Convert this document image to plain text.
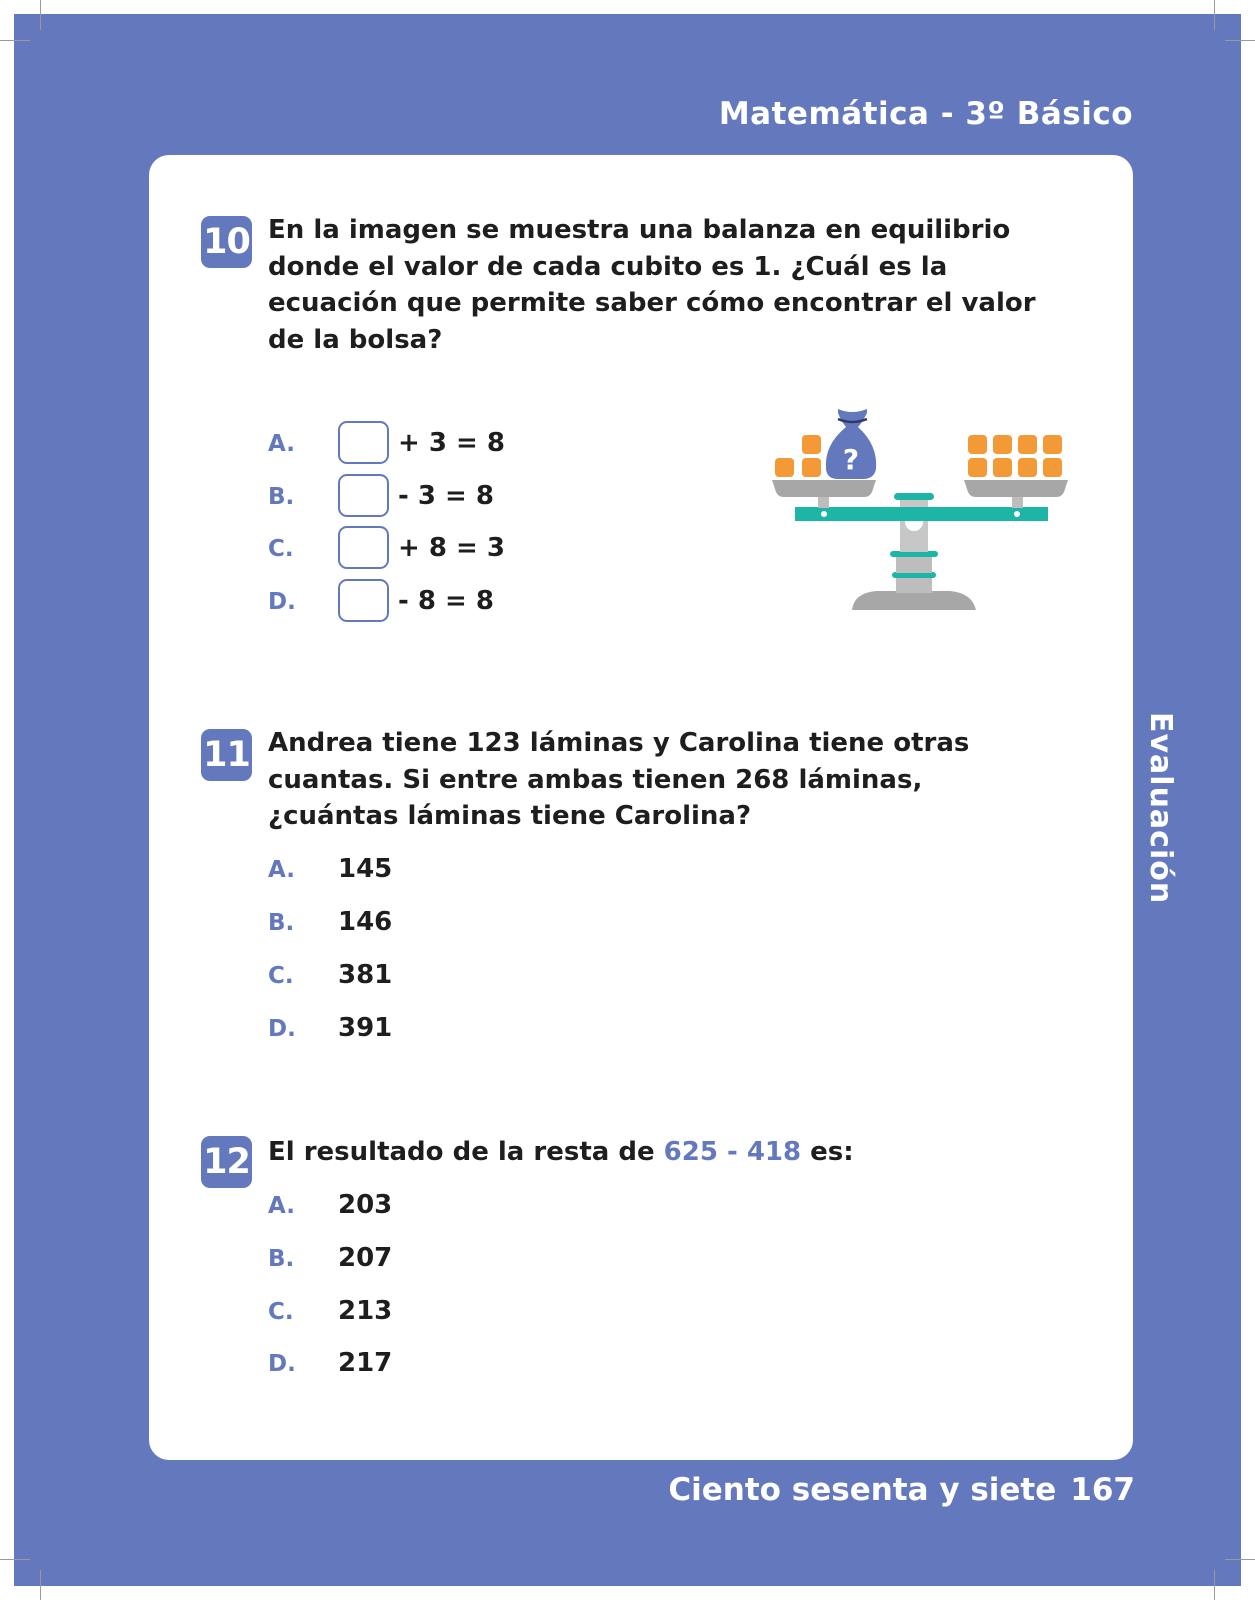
Matemática - 3º Básico
Evaluación
Ciento sesenta y siete 167
10 En la imagen se muestra una balanza en equilibrio donde el valor de cada cubito es 1. ¿Cuál es la ecuación que permite saber cómo encontrar el valor de la bolsa?
A.	+ 3 = 8
B.	- 3 = 8
C.	+ 8 = 3
D.	- 8 = 8
?
11 Andrea tiene 123 láminas y Carolina tiene otras cuantas. Si entre ambas tienen 268 láminas, ¿cuántas láminas tiene Carolina?
A. 145
B. 146
C. 381
D. 391
12 El resultado de la resta de 625 - 418 es:
A. 203
B. 207
C. 213
D. 217
